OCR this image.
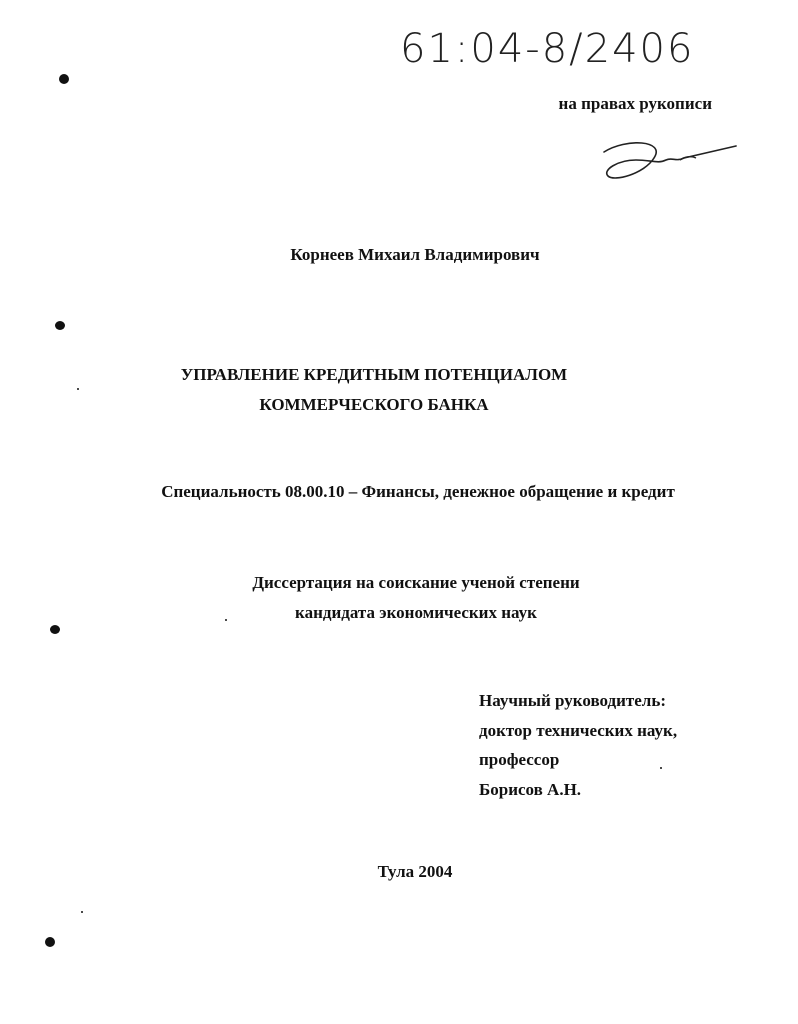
61:04-8/2406
на правах рукописи
Корнеев Михаил Владимирович
УПРАВЛЕНИЕ КРЕДИТНЫМ ПОТЕНЦИАЛОМ
КОММЕРЧЕСКОГО БАНКА
Специальность 08.00.10 – Финансы, денежное обращение и кредит
Диссертация на соискание ученой степени
кандидата экономических наук
Научный руководитель:
доктор технических наук,
профессор
Борисов А.Н.
Тула 2004
